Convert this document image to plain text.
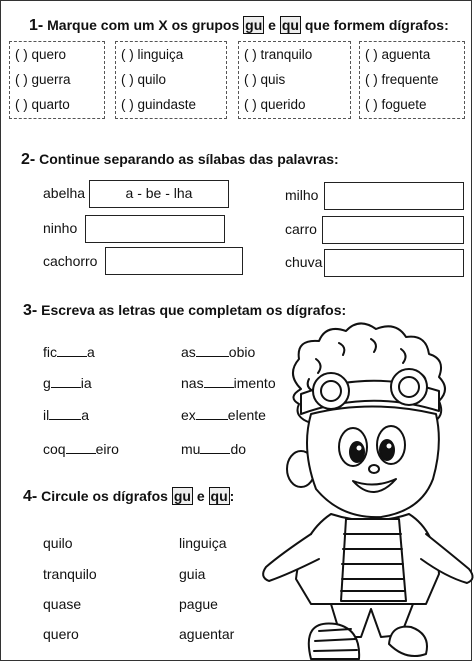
1- Marque com um X os grupos gu e qu que formem dígrafos:
( ) quero
( ) guerra
( ) quarto
( ) linguiça
( ) quilo
( ) guindaste
( ) tranquilo
( ) quis
( ) querido
( ) aguenta
( ) frequente
( ) foguete
2- Continue separando as sílabas das palavras:
abelha	a - be - lha
ninho
cachorro
milho
carro
chuva
3- Escreva as letras que completam os dígrafos:
fic a	as obio
g ia	nas imento
il a	ex elente
coq eiro	mu do
4- Circule os dígrafos gu e qu :
quilo
tranquilo
quase
quero
linguiça
guia
pague
aguentar
